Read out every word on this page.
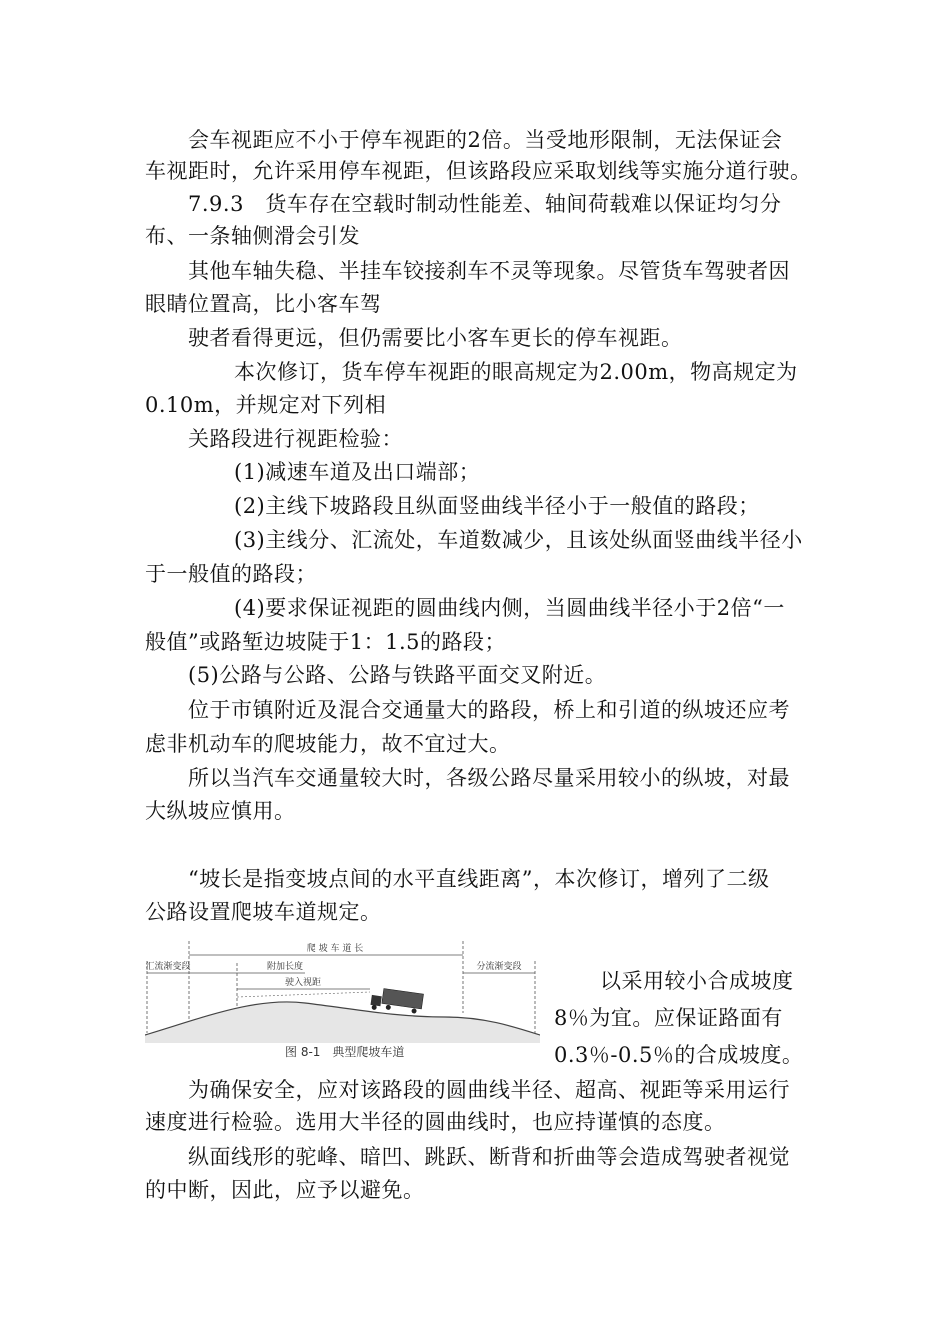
会车视距应不小于停车视距的2倍。当受地形限制，无法保证会
车视距时，允许采用停车视距，但该路段应采取划线等实施分道行驶。
7.9.3　货车存在空载时制动性能差、轴间荷载难以保证均匀分
布、一条轴侧滑会引发
其他车轴失稳、半挂车铰接刹车不灵等现象。尽管货车驾驶者因
眼睛位置高，比小客车驾
驶者看得更远，但仍需要比小客车更长的停车视距。
本次修订，货车停车视距的眼高规定为2.00m，物高规定为
0.10m，并规定对下列相
关路段进行视距检验：
(1)减速车道及出口端部；
(2)主线下坡路段且纵面竖曲线半径小于一般值的路段；
(3)主线分、汇流处，车道数减少，且该处纵面竖曲线半径小
于一般值的路段；
(4)要求保证视距的圆曲线内侧，当圆曲线半径小于2倍“一
般值”或路堑边坡陡于1：1.5的路段；
(5)公路与公路、公路与铁路平面交叉附近。
位于市镇附近及混合交通量大的路段，桥上和引道的纵坡还应考
虑非机动车的爬坡能力，故不宜过大。
所以当汽车交通量较大时，各级公路尽量采用较小的纵坡，对最
大纵坡应慎用。
“坡长是指变坡点间的水平直线距离”，本次修订，增列了二级
公路设置爬坡车道规定。
以采用较小合成坡度
8％为宜。应保证路面有
0.3％-0.5％的合成坡度。
为确保安全，应对该路段的圆曲线半径、超高、视距等采用运行
速度进行检验。选用大半径的圆曲线时，也应持谨慎的态度。
纵面线形的驼峰、暗凹、跳跃、断背和折曲等会造成驾驶者视觉
的中断，因此，应予以避免。
爬 坡 车 道 长
汇流渐变段	附加长度
驶入视距
分流渐变段
图 8-1　典型爬坡车道
